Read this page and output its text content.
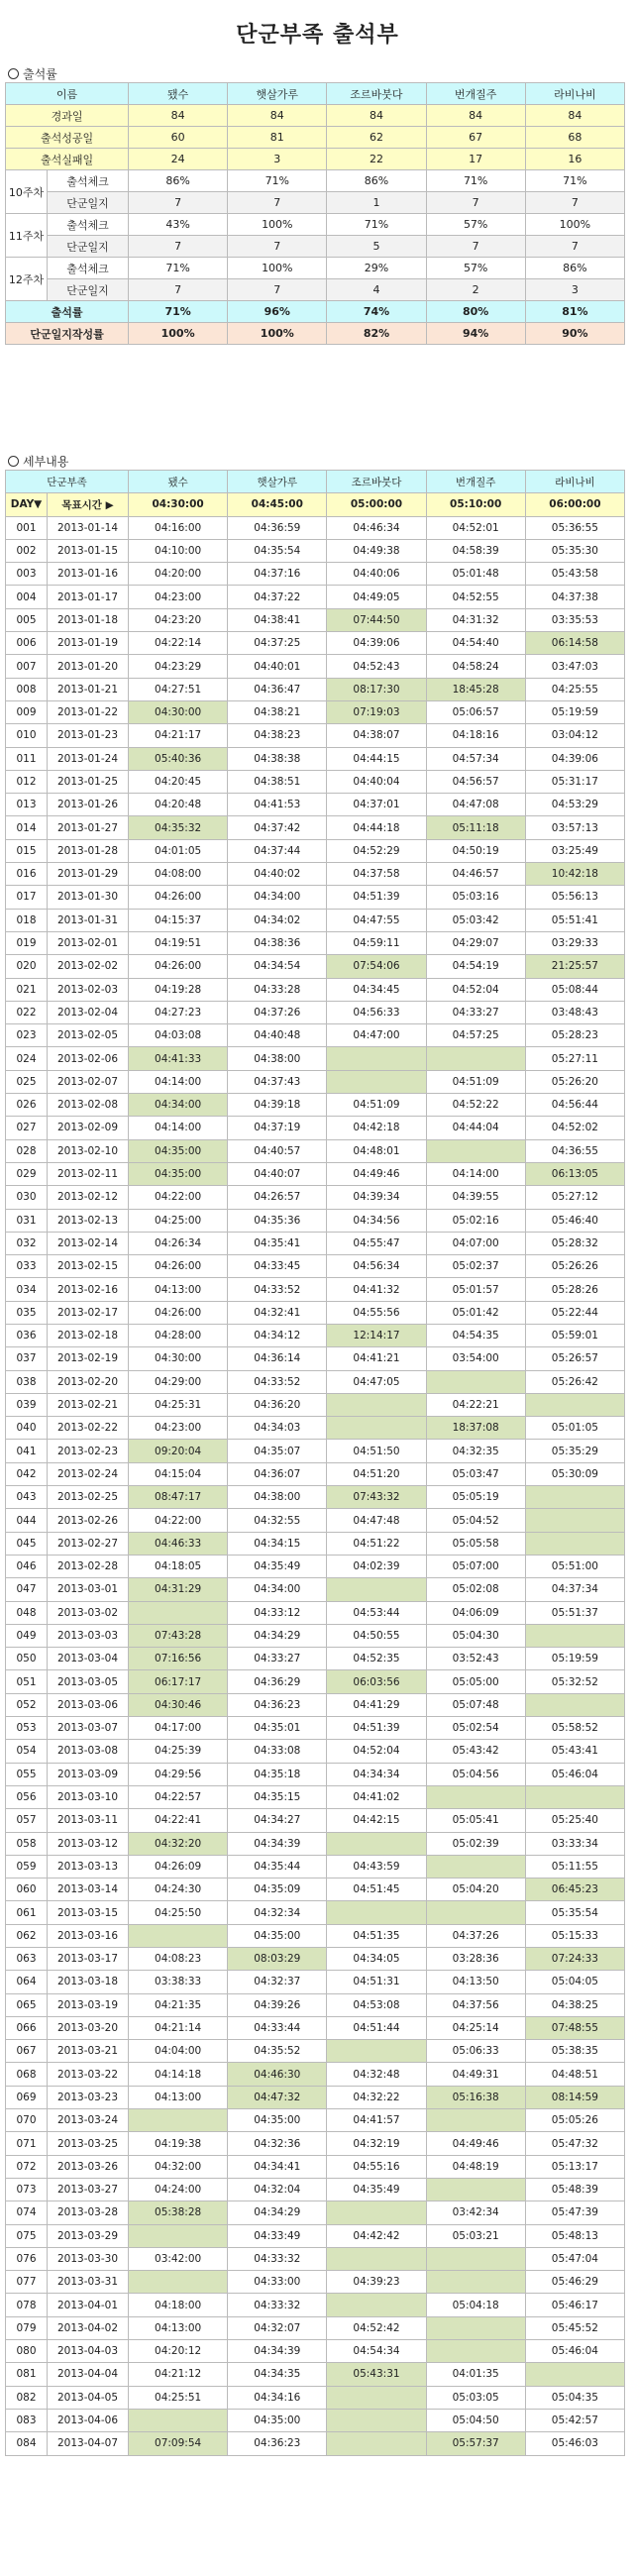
단군부족 출석부
출석률
이름		됐수	햇살가루	조르바붓다	번개질주	라비나비
경과일		84	84	84	84	84
출석성공일		60	81	62	67	68
출석실패일		24	3	22	17	16
10주차	출석체크	86%	71%	86%	71%	71%
	단군일지	7	7	1	7	7
11주차	출석체크	43%	100%	71%	57%	100%
	단군일지	7	7	5	7	7
12주차	출석체크	71%	100%	29%	57%	86%
	단군일지	7	7	4	2	3
출석률		71%	96%	74%	80%	81%
단군일지작성률		100%	100%	82%	94%	90%
세부내용
단군부족		됐수	햇살가루	조르바붓다	번개질주	라비나비
DAY▼	목표시간 ▶	04:30:00	04:45:00	05:00:00	05:10:00	06:00:00
001	2013-01-14	04:16:00	04:36:59	04:46:34	04:52:01	05:36:55
002	2013-01-15	04:10:00	04:35:54	04:49:38	04:58:39	05:35:30
003	2013-01-16	04:20:00	04:37:16	04:40:06	05:01:48	05:43:58
004	2013-01-17	04:23:00	04:37:22	04:49:05	04:52:55	04:37:38
005	2013-01-18	04:23:20	04:38:41	07:44:50	04:31:32	03:35:53
006	2013-01-19	04:22:14	04:37:25	04:39:06	04:54:40	06:14:58
007	2013-01-20	04:23:29	04:40:01	04:52:43	04:58:24	03:47:03
008	2013-01-21	04:27:51	04:36:47	08:17:30	18:45:28	04:25:55
009	2013-01-22	04:30:00	04:38:21	07:19:03	05:06:57	05:19:59
010	2013-01-23	04:21:17	04:38:23	04:38:07	04:18:16	03:04:12
011	2013-01-24	05:40:36	04:38:38	04:44:15	04:57:34	04:39:06
012	2013-01-25	04:20:45	04:38:51	04:40:04	04:56:57	05:31:17
013	2013-01-26	04:20:48	04:41:53	04:37:01	04:47:08	04:53:29
014	2013-01-27	04:35:32	04:37:42	04:44:18	05:11:18	03:57:13
015	2013-01-28	04:01:05	04:37:44	04:52:29	04:50:19	03:25:49
016	2013-01-29	04:08:00	04:40:02	04:37:58	04:46:57	10:42:18
017	2013-01-30	04:26:00	04:34:00	04:51:39	05:03:16	05:56:13
018	2013-01-31	04:15:37	04:34:02	04:47:55	05:03:42	05:51:41
019	2013-02-01	04:19:51	04:38:36	04:59:11	04:29:07	03:29:33
020	2013-02-02	04:26:00	04:34:54	07:54:06	04:54:19	21:25:57
021	2013-02-03	04:19:28	04:33:28	04:34:45	04:52:04	05:08:44
022	2013-02-04	04:27:23	04:37:26	04:56:33	04:33:27	03:48:43
023	2013-02-05	04:03:08	04:40:48	04:47:00	04:57:25	05:28:23
024	2013-02-06	04:41:33	04:38:00			05:27:11
025	2013-02-07	04:14:00	04:37:43		04:51:09	05:26:20
026	2013-02-08	04:34:00	04:39:18	04:51:09	04:52:22	04:56:44
027	2013-02-09	04:14:00	04:37:19	04:42:18	04:44:04	04:52:02
028	2013-02-10	04:35:00	04:40:57	04:48:01		04:36:55
029	2013-02-11	04:35:00	04:40:07	04:49:46	04:14:00	06:13:05
030	2013-02-12	04:22:00	04:26:57	04:39:34	04:39:55	05:27:12
031	2013-02-13	04:25:00	04:35:36	04:34:56	05:02:16	05:46:40
032	2013-02-14	04:26:34	04:35:41	04:55:47	04:07:00	05:28:32
033	2013-02-15	04:26:00	04:33:45	04:56:34	05:02:37	05:26:26
034	2013-02-16	04:13:00	04:33:52	04:41:32	05:01:57	05:28:26
035	2013-02-17	04:26:00	04:32:41	04:55:56	05:01:42	05:22:44
036	2013-02-18	04:28:00	04:34:12	12:14:17	04:54:35	05:59:01
037	2013-02-19	04:30:00	04:36:14	04:41:21	03:54:00	05:26:57
038	2013-02-20	04:29:00	04:33:52	04:47:05		05:26:42
039	2013-02-21	04:25:31	04:36:20		04:22:21	
040	2013-02-22	04:23:00	04:34:03		18:37:08	05:01:05
041	2013-02-23	09:20:04	04:35:07	04:51:50	04:32:35	05:35:29
042	2013-02-24	04:15:04	04:36:07	04:51:20	05:03:47	05:30:09
043	2013-02-25	08:47:17	04:38:00	07:43:32	05:05:19	
044	2013-02-26	04:22:00	04:32:55	04:47:48	05:04:52	
045	2013-02-27	04:46:33	04:34:15	04:51:22	05:05:58	
046	2013-02-28	04:18:05	04:35:49	04:02:39	05:07:00	05:51:00
047	2013-03-01	04:31:29	04:34:00		05:02:08	04:37:34
048	2013-03-02		04:33:12	04:53:44	04:06:09	05:51:37
049	2013-03-03	07:43:28	04:34:29	04:50:55	05:04:30	
050	2013-03-04	07:16:56	04:33:27	04:52:35	03:52:43	05:19:59
051	2013-03-05	06:17:17	04:36:29	06:03:56	05:05:00	05:32:52
052	2013-03-06	04:30:46	04:36:23	04:41:29	05:07:48	
053	2013-03-07	04:17:00	04:35:01	04:51:39	05:02:54	05:58:52
054	2013-03-08	04:25:39	04:33:08	04:52:04	05:43:42	05:43:41
055	2013-03-09	04:29:56	04:35:18	04:34:34	05:04:56	05:46:04
056	2013-03-10	04:22:57	04:35:15	04:41:02		
057	2013-03-11	04:22:41	04:34:27	04:42:15	05:05:41	05:25:40
058	2013-03-12	04:32:20	04:34:39		05:02:39	03:33:34
059	2013-03-13	04:26:09	04:35:44	04:43:59		05:11:55
060	2013-03-14	04:24:30	04:35:09	04:51:45	05:04:20	06:45:23
061	2013-03-15	04:25:50	04:32:34			05:35:54
062	2013-03-16		04:35:00	04:51:35	04:37:26	05:15:33
063	2013-03-17	04:08:23	08:03:29	04:34:05	03:28:36	07:24:33
064	2013-03-18	03:38:33	04:32:37	04:51:31	04:13:50	05:04:05
065	2013-03-19	04:21:35	04:39:26	04:53:08	04:37:56	04:38:25
066	2013-03-20	04:21:14	04:33:44	04:51:44	04:25:14	07:48:55
067	2013-03-21	04:04:00	04:35:52		05:06:33	05:38:35
068	2013-03-22	04:14:18	04:46:30	04:32:48	04:49:31	04:48:51
069	2013-03-23	04:13:00	04:47:32	04:32:22	05:16:38	08:14:59
070	2013-03-24		04:35:00	04:41:57		05:05:26
071	2013-03-25	04:19:38	04:32:36	04:32:19	04:49:46	05:47:32
072	2013-03-26	04:32:00	04:34:41	04:55:16	04:48:19	05:13:17
073	2013-03-27	04:24:00	04:32:04	04:35:49		05:48:39
074	2013-03-28	05:38:28	04:34:29		03:42:34	05:47:39
075	2013-03-29		04:33:49	04:42:42	05:03:21	05:48:13
076	2013-03-30	03:42:00	04:33:32			05:47:04
077	2013-03-31		04:33:00	04:39:23		05:46:29
078	2013-04-01	04:18:00	04:33:32		05:04:18	05:46:17
079	2013-04-02	04:13:00	04:32:07	04:52:42		05:45:52
080	2013-04-03	04:20:12	04:34:39	04:54:34		05:46:04
081	2013-04-04	04:21:12	04:34:35	05:43:31	04:01:35	
082	2013-04-05	04:25:51	04:34:16		05:03:05	05:04:35
083	2013-04-06		04:35:00		05:04:50	05:42:57
084	2013-04-07	07:09:54	04:36:23		05:57:37	05:46:03
